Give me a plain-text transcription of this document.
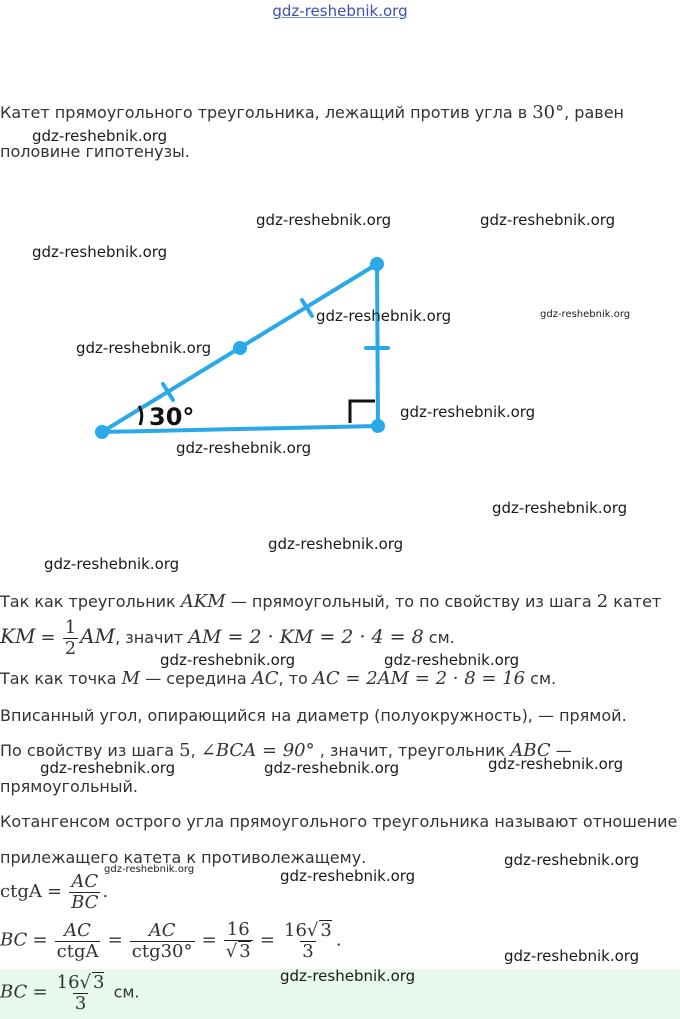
gdz-reshebnik.org
Катет прямоугольного треугольника, лежащий против угла в 30°, равен
половине гипотенузы.
30°
Так как треугольник AKM — прямоугольный, то по свойству из шага 2 катет
KM = $\frac{1}{2}$ AM, значит AM = 2 · KM = 2 · 4 = 8 см.
Так как точка M — середина AC, то AC = 2AM = 2 · 8 = 16 см.
Вписанный угол, опирающийся на диаметр (полуокружность), — прямой.
По свойству из шага 5, ∠BCA = 90° , значит, треугольник ABC —
прямоугольный.
Котангенсом острого угла прямоугольного треугольника называют отношение
прилежащего катета к противолежащему.
ctgA = $\frac{AC}{BC}$ .
BC = $\frac{AC}{\text{ctgA}} = \frac{AC}{\text{ctg30°}} = \frac{16}{√ 3} = \frac{16√ 3}{3}$ .
BC = $\frac{16√ 3}{3}$ см.
gdz-reshebnik.org
gdz-reshebnik.org	gdz-reshebnik.org
gdz-reshebnik.org
gdz-reshebnik.org	gdz-reshebnik.org
gdz-reshebnik.org
gdz-reshebnik.org
gdz-reshebnik.org
gdz-reshebnik.org
gdz-reshebnik.org
gdz-reshebnik.org
gdz-reshebnik.org	gdz-reshebnik.org
gdz-reshebnik.org	gdz-reshebnik.org	gdz-reshebnik.org
gdz-reshebnik.org
gdz-reshebnik.org	gdz-reshebnik.org
gdz-reshebnik.org
gdz-reshebnik.org
